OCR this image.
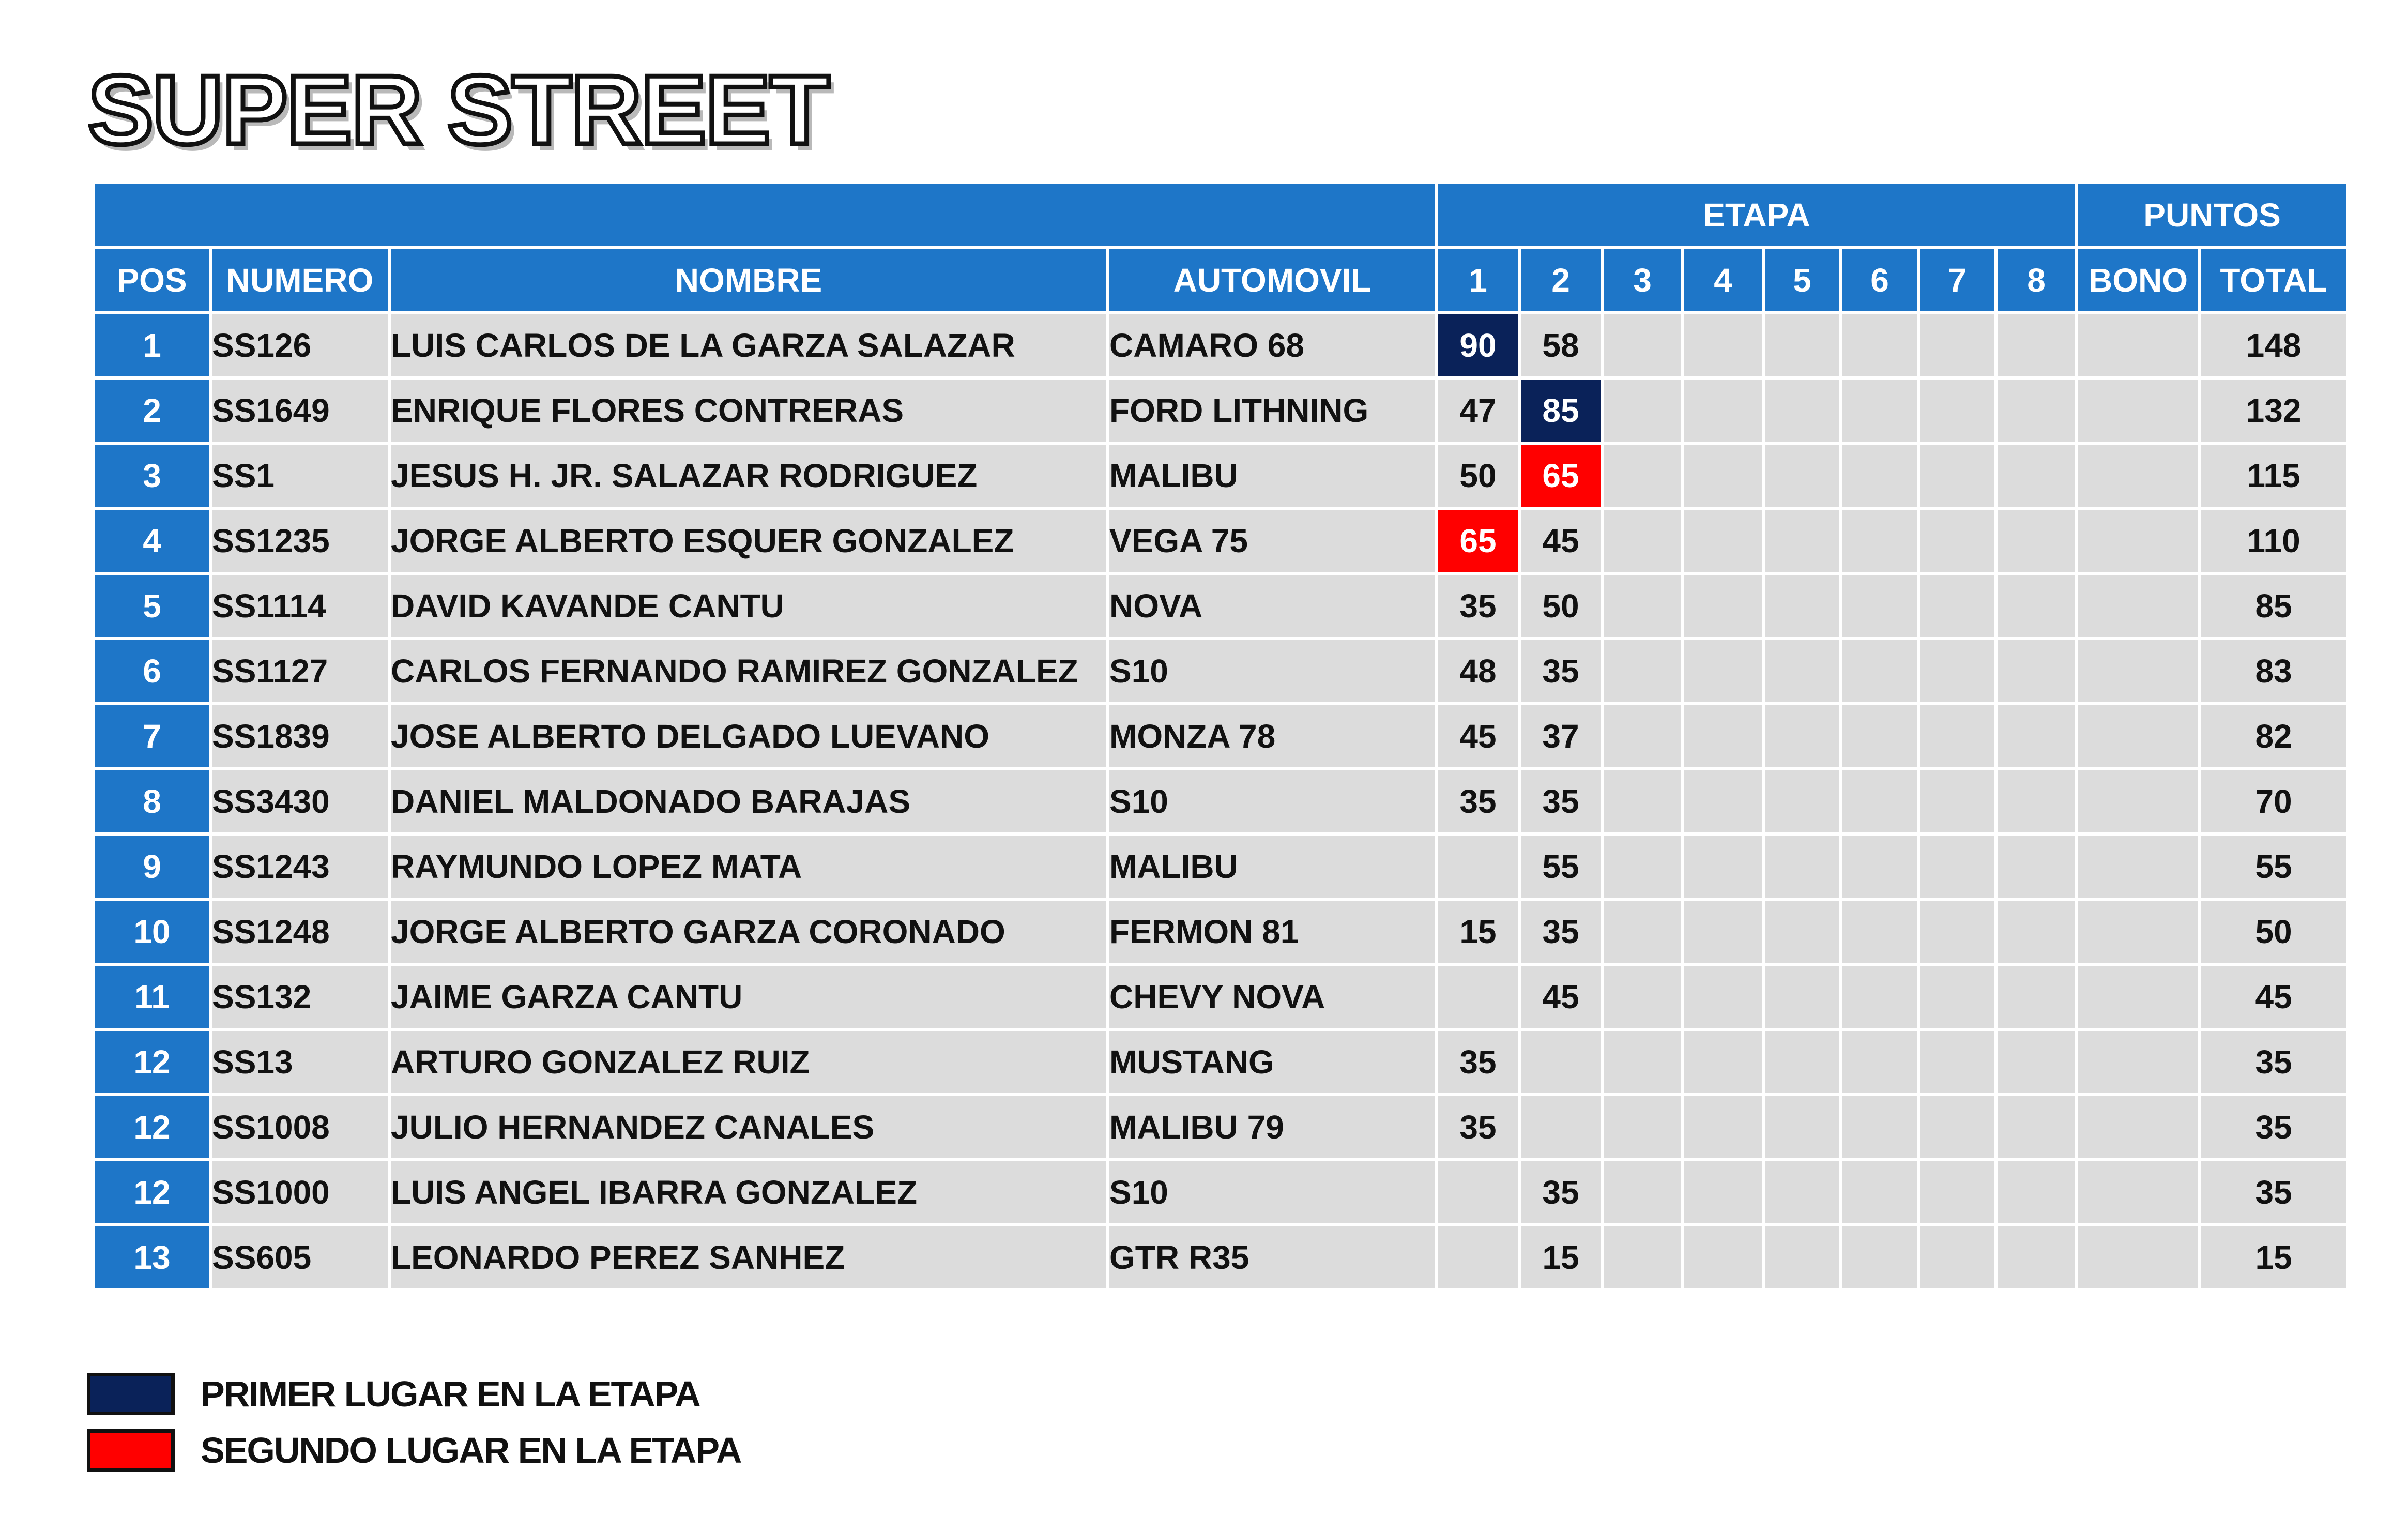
SUPER STREET
				ETAPA								PUNTOS	
POS	NUMERO	NOMBRE	AUTOMOVIL	1	2	3	4	5	6	7	8	BONO	TOTAL
1	SS126	LUIS CARLOS DE LA GARZA SALAZAR	CAMARO 68	90	58								148
2	SS1649	ENRIQUE FLORES CONTRERAS	FORD LITHNING	47	85								132
3	SS1	JESUS H. JR. SALAZAR RODRIGUEZ	MALIBU	50	65								115
4	SS1235	JORGE ALBERTO ESQUER GONZALEZ	VEGA 75	65	45								110
5	SS1114	DAVID KAVANDE CANTU	NOVA	35	50								85
6	SS1127	CARLOS FERNANDO RAMIREZ GONZALEZ	S10	48	35								83
7	SS1839	JOSE ALBERTO DELGADO LUEVANO	MONZA 78	45	37								82
8	SS3430	DANIEL MALDONADO BARAJAS	S10	35	35								70
9	SS1243	RAYMUNDO LOPEZ MATA	MALIBU		55								55
10	SS1248	JORGE ALBERTO GARZA CORONADO	FERMON 81	15	35								50
11	SS132	JAIME GARZA CANTU	CHEVY NOVA		45								45
12	SS13	ARTURO GONZALEZ RUIZ	MUSTANG	35									35
12	SS1008	JULIO HERNANDEZ CANALES	MALIBU 79	35									35
12	SS1000	LUIS ANGEL IBARRA GONZALEZ	S10		35								35
13	SS605	LEONARDO PEREZ SANHEZ	GTR R35		15								15
PRIMER LUGAR EN LA ETAPA
SEGUNDO LUGAR EN LA ETAPA
